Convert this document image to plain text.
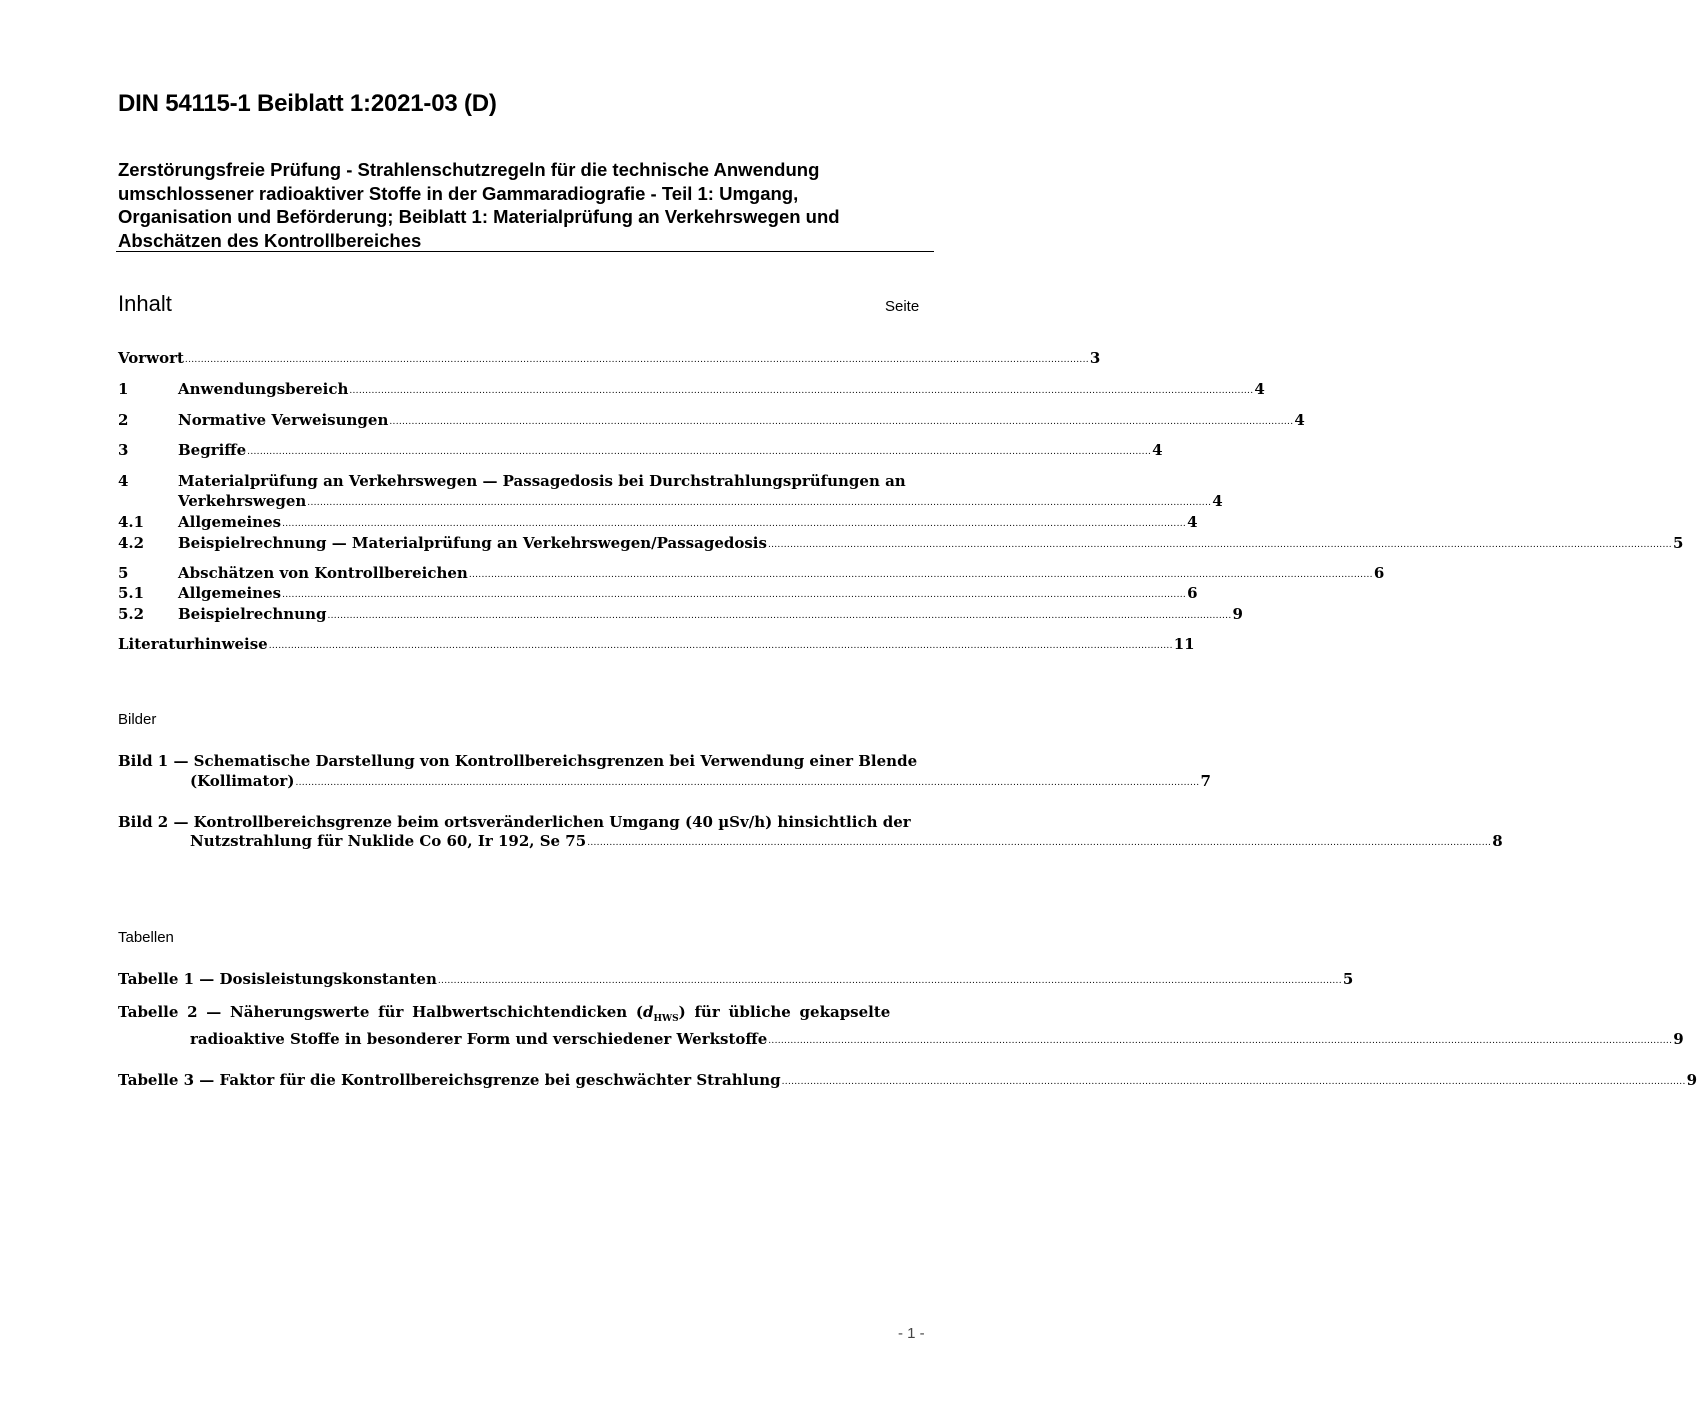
DIN 54115-1 Beiblatt 1:2021-03 (D)
Zerstörungsfreie Prüfung - Strahlenschutzregeln für die technische Anwendung
umschlossener radioaktiver Stoffe in der Gammaradiografie - Teil 1: Umgang,
Organisation und Beförderung; Beiblatt 1: Materialprüfung an Verkehrswegen und
Abschätzen des Kontrollbereiches
Inhalt	Seite
Vorwort .............................................................................................................................................................................................................................................................................................. 3
1	Anwendungsbereich .............................................................................................................................................................................................................................................................................................. 4
2	Normative Verweisungen .............................................................................................................................................................................................................................................................................................. 4
3	Begriffe .............................................................................................................................................................................................................................................................................................. 4
4	Materialprüfung an Verkehrswegen — Passagedosis bei Durchstrahlungsprüfungen an
Verkehrswegen .............................................................................................................................................................................................................................................................................................. 4
4.1	Allgemeines .............................................................................................................................................................................................................................................................................................. 4
4.2	Beispielrechnung — Materialprüfung an Verkehrswegen/Passagedosis .............................................................................................................................................................................................................................................................................................. 5
5	Abschätzen von Kontrollbereichen .............................................................................................................................................................................................................................................................................................. 6
5.1	Allgemeines .............................................................................................................................................................................................................................................................................................. 6
5.2	Beispielrechnung .............................................................................................................................................................................................................................................................................................. 9
Literaturhinweise .............................................................................................................................................................................................................................................................................................. 11
Bilder
Bild 1 — Schematische Darstellung von Kontrollbereichsgrenzen bei Verwendung einer Blende
(Kollimator) .............................................................................................................................................................................................................................................................................................. 7
Bild 2 — Kontrollbereichsgrenze beim ortsveränderlichen Umgang (40 µSv/h) hinsichtlich der
Nutzstrahlung für Nuklide Co 60, Ir 192, Se 75 .............................................................................................................................................................................................................................................................................................. 8
Tabellen
Tabelle 1 — Dosisleistungskonstanten .............................................................................................................................................................................................................................................................................................. 5
Tabelle 2 — Näherungswerte für Halbwertschichtendicken $(d_{HWS})$ für übliche gekapselte
radioaktive Stoffe in besonderer Form und verschiedener Werkstoffe .............................................................................................................................................................................................................................................................................................. 9
Tabelle 3 — Faktor für die Kontrollbereichsgrenze bei geschwächter Strahlung .............................................................................................................................................................................................................................................................................................. 9
- 1 -
